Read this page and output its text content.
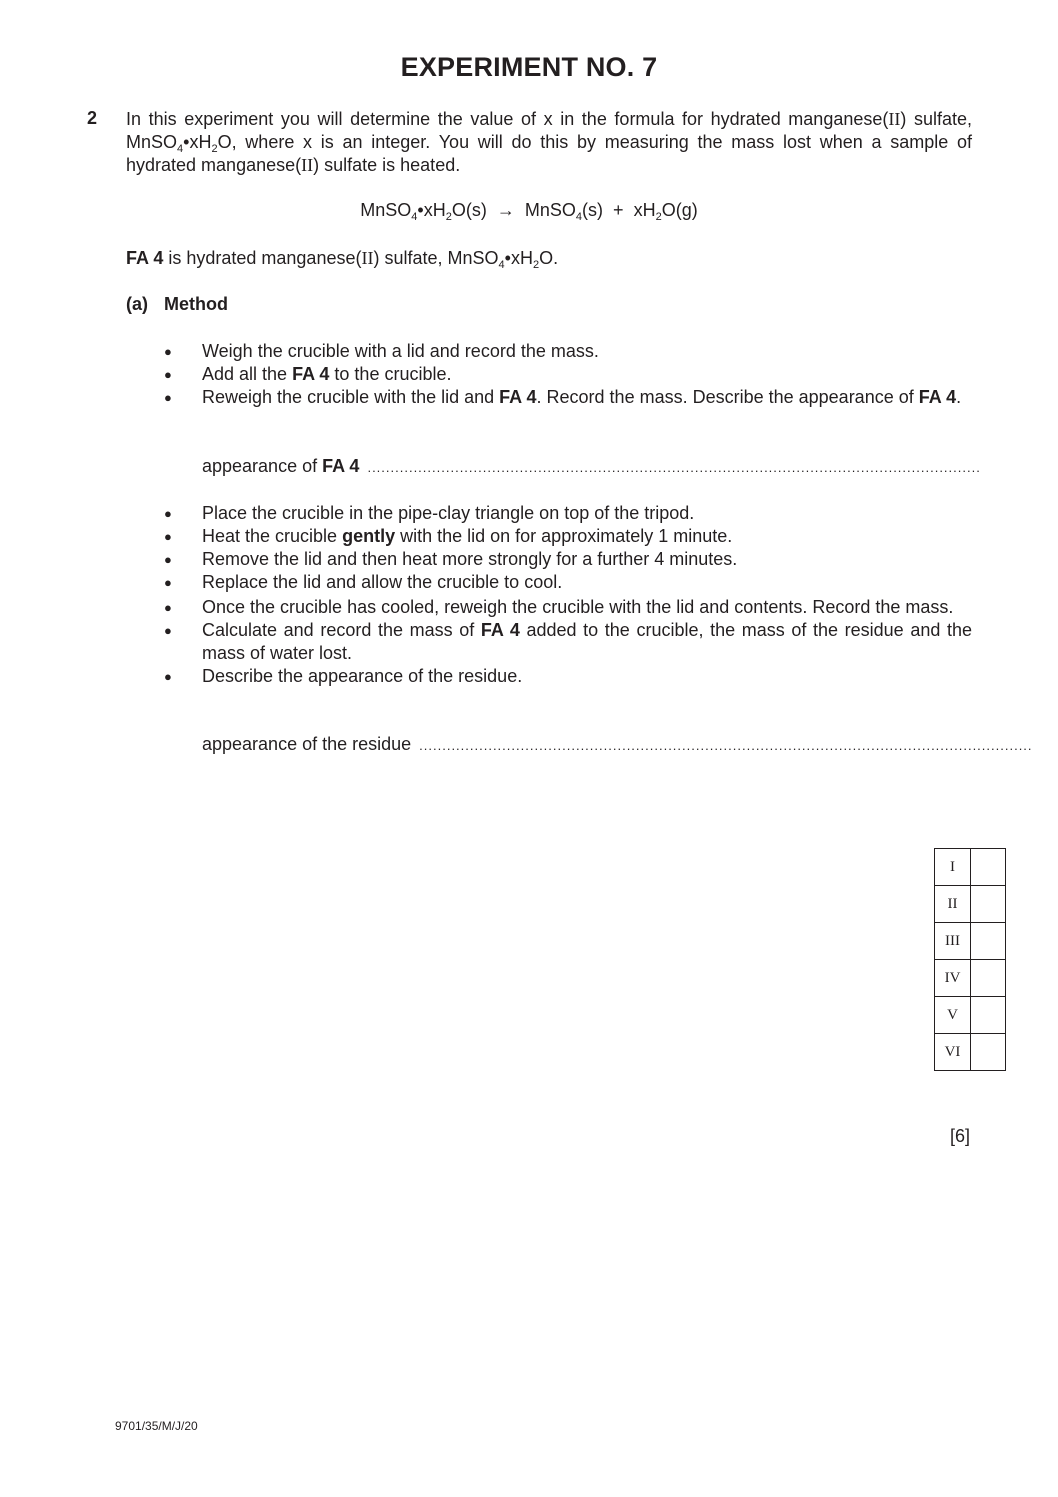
EXPERIMENT NO. 7
2 In this experiment you will determine the value of x in the formula for hydrated manganese(II) sulfate, $MnSO_4•xH_2O$, where x is an integer. You will do this by measuring the mass lost when a sample of hydrated manganese(II) sulfate is heated.
$MnSO_4•xH_2O(s)$ → MnSO$_4$(s) + $xH_2O(g)$
FA 4 is hydrated manganese(II) sulfate, $MnSO_4•xH_2O$.
(a) Method
● Weigh the crucible with a lid and record the mass.
● Add all the FA 4 to the crucible.
● Reweigh the crucible with the lid and FA 4. Record the mass. Describe the appearance of FA 4.
appearance of FA 4 .....................................................................................................................................
● Place the crucible in the pipe-clay triangle on top of the tripod.
● Heat the crucible gently with the lid on for approximately 1 minute.
● Remove the lid and then heat more strongly for a further 4 minutes.
● Replace the lid and allow the crucible to cool.
● Once the crucible has cooled, reweigh the crucible with the lid and contents. Record the mass.
● Calculate and record the mass of FA 4 added to the crucible, the mass of the residue and the mass of water lost.
● Describe the appearance of the residue.
appearance of the residue .....................................................................................................................................
I	
II	
III	
IV	
V	
VI	
[6]
9701/35/M/J/20
